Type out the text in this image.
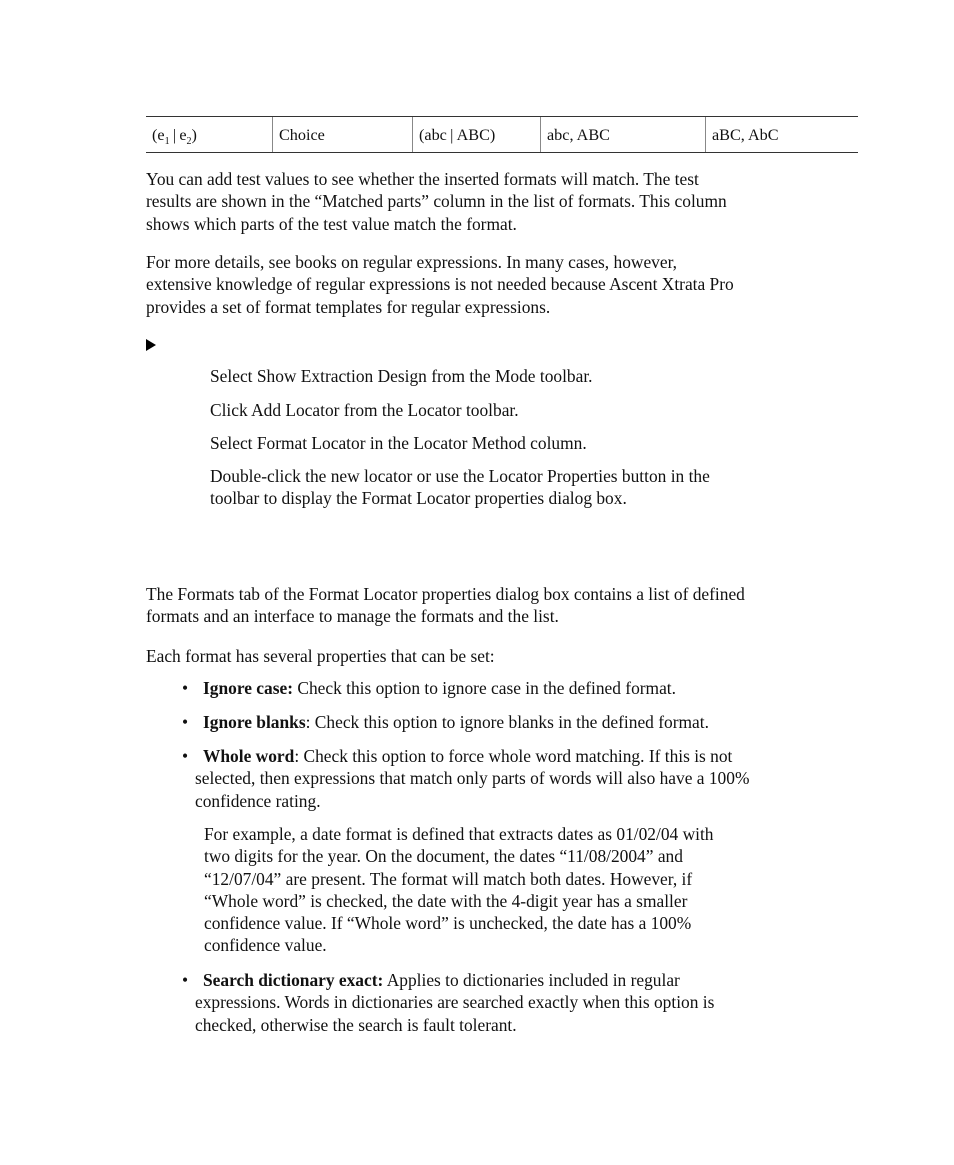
($e_1$ | $e_2$)	Choice	(abc | ABC)	abc, ABC	aBC, AbC

You can add test values to see whether the inserted formats will match. The test
results are shown in the “Matched parts” column in the list of formats. This column
shows which parts of the test value match the format.

For more details, see books on regular expressions. In many cases, however,
extensive knowledge of regular expressions is not needed because Ascent Xtrata Pro
provides a set of format templates for regular expressions.

Select Show Extraction Design from the Mode toolbar.

Click Add Locator from the Locator toolbar.

Select Format Locator in the Locator Method column.

Double-click the new locator or use the Locator Properties button in the
toolbar to display the Format Locator properties dialog box.

The Formats tab of the Format Locator properties dialog box contains a list of defined
formats and an interface to manage the formats and the list.

Each format has several properties that can be set:

• Ignore case: Check this option to ignore case in the defined format.

• Ignore blanks: Check this option to ignore blanks in the defined format.

• Whole word: Check this option to force whole word matching. If this is not
selected, then expressions that match only parts of words will also have a 100%
confidence rating.

For example, a date format is defined that extracts dates as 01/02/04 with
two digits for the year. On the document, the dates “11/08/2004” and
“12/07/04” are present. The format will match both dates. However, if
“Whole word” is checked, the date with the 4-digit year has a smaller
confidence value. If “Whole word” is unchecked, the date has a 100%
confidence value.

• Search dictionary exact: Applies to dictionaries included in regular
expressions. Words in dictionaries are searched exactly when this option is
checked, otherwise the search is fault tolerant.
